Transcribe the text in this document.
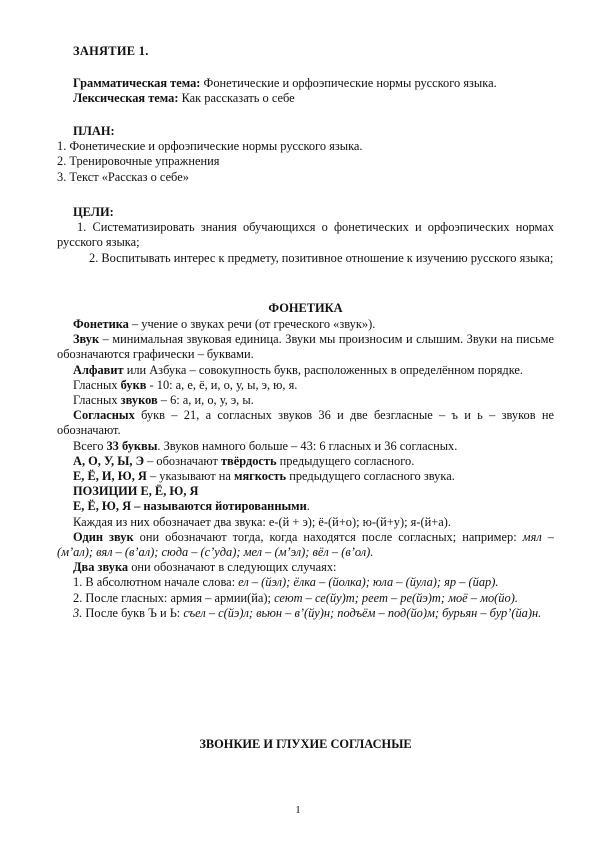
ЗАНЯТИЕ 1.
Грамматическая тема: Фонетические и орфоэпические нормы русского языка.
Лексическая тема: Как рассказать о себе
ПЛАН:
1. Фонетические и орфоэпические нормы русского языка.
2. Тренировочные упражнения
3. Текст «Рассказ о себе»
ЦЕЛИ:
1. Систематизировать знания обучающихся о фонетических и орфоэпических нормах русского языка;
2. Воспитывать интерес к предмету, позитивное отношение к изучению русского языка;
ФОНЕТИКА
Фонетика – учение о звуках речи (от греческого «звук»).
Звук – минимальная звуковая единица. Звуки мы произносим и слышим. Звуки на письме обозначаются графически – буквами.
Алфавит или Азбука – совокупность букв, расположенных в определённом порядке.
Гласных букв - 10: а, е, ё, и, о, у, ы, э, ю, я.
Гласных звуков – 6: а, и, о, у, э, ы.
Согласных букв – 21, а согласных звуков 36 и две безгласные – ъ и ь – звуков не обозначают.
Всего 33 буквы. Звуков намного больше – 43: 6 гласных и 36 согласных.
А, О, У, Ы, Э – обозначают твёрдость предыдущего согласного.
Е, Ё, И, Ю, Я – указывают на мягкость предыдущего согласного звука.
ПОЗИЦИИ Е, Ё, Ю, Я
Е, Ё, Ю, Я – называются йотированными.
Каждая из них обозначает два звука: е-(й + э); ё-(й+о); ю-(й+у); я-(й+а).
Один звук они обозначают тогда, когда находятся после согласных; например: мял – (м’ал); вял – (в’ал); сюда – (с’уда); мел – (м’эл); вёл – (в’ол).
Два звука они обозначают в следующих случаях:
1. В абсолютном начале слова: ел – (йэл); ёлка – (йолка); юла – (йула); яр – (йар).
2. После гласных: армия – армии(йа); сеют – се(йу)т; реет – ре(йэ)т; моё – мо(йо).
3. После букв Ъ и Ь: съел – с(йэ)л; вьюн – в’(йу)н; подъём – под(йо)м; бурьян – бур’(йа)н.
ЗВОНКИЕ И ГЛУХИЕ СОГЛАСНЫЕ
1
